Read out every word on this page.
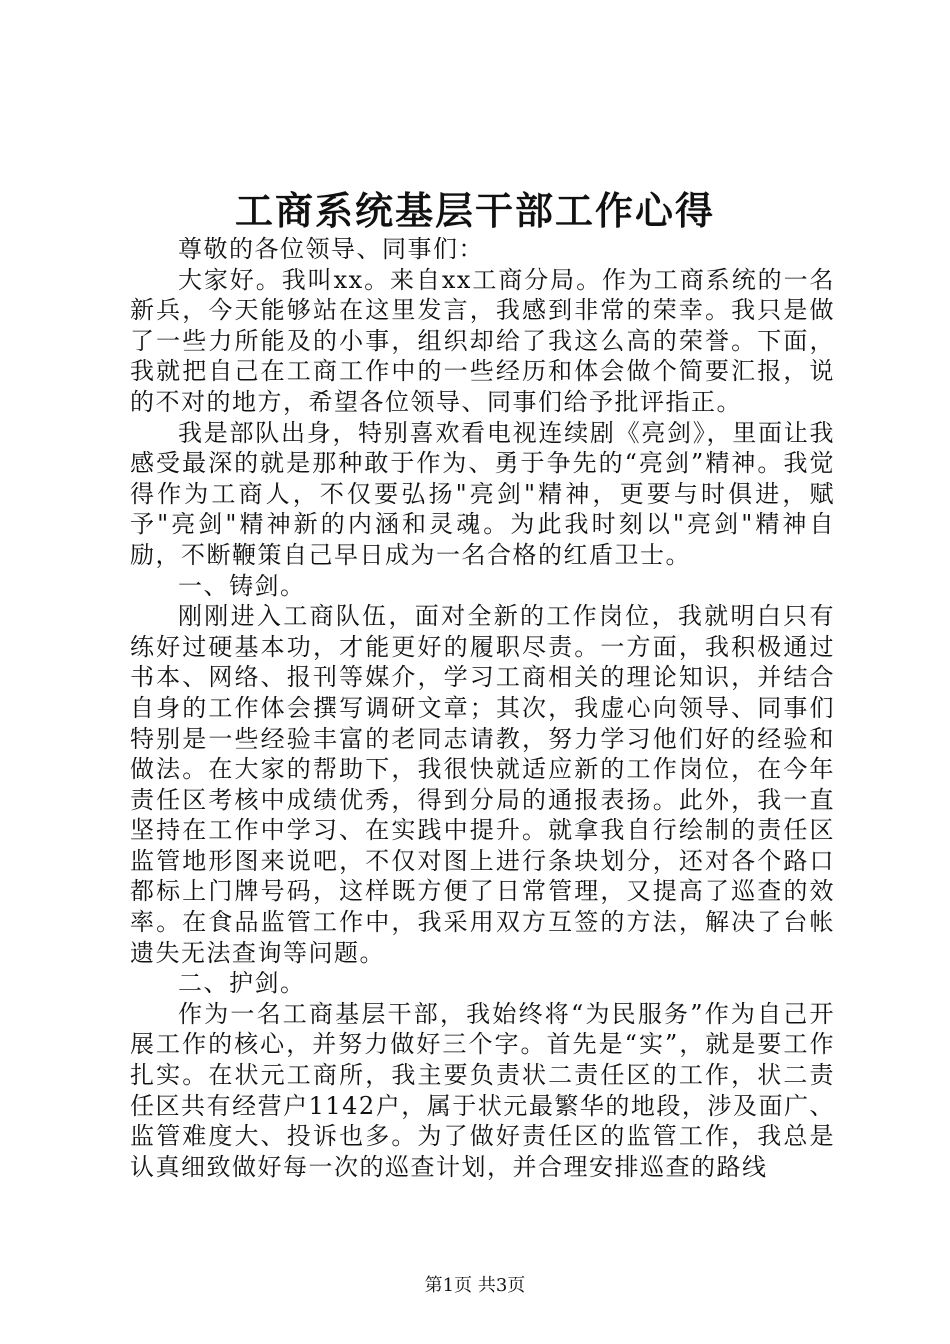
工商系统基层干部工作心得

尊敬的各位领导、同事们：

大家好。我叫xx。来自xx工商分局。作为工商系统的一名新兵，今天能够站在这里发言，我感到非常的荣幸。我只是做了一些力所能及的小事，组织却给了我这么高的荣誉。下面，我就把自己在工商工作中的一些经历和体会做个简要汇报，说的不对的地方，希望各位领导、同事们给予批评指正。

我是部队出身，特别喜欢看电视连续剧《亮剑》，里面让我感受最深的就是那种敢于作为、勇于争先的“亮剑”精神。我觉得作为工商人，不仅要弘扬"亮剑"精神，更要与时俱进，赋予"亮剑"精神新的内涵和灵魂。为此我时刻以"亮剑"精神自励，不断鞭策自己早日成为一名合格的红盾卫士。

一、铸剑。

刚刚进入工商队伍，面对全新的工作岗位，我就明白只有练好过硬基本功，才能更好的履职尽责。一方面，我积极通过书本、网络、报刊等媒介，学习工商相关的理论知识，并结合自身的工作体会撰写调研文章；其次，我虚心向领导、同事们特别是一些经验丰富的老同志请教，努力学习他们好的经验和做法。在大家的帮助下，我很快就适应新的工作岗位，在今年责任区考核中成绩优秀，得到分局的通报表扬。此外，我一直坚持在工作中学习、在实践中提升。就拿我自行绘制的责任区监管地形图来说吧，不仅对图上进行条块划分，还对各个路口都标上门牌号码，这样既方便了日常管理，又提高了巡查的效率。在食品监管工作中，我采用双方互签的方法，解决了台帐遗失无法查询等问题。

二、护剑。

作为一名工商基层干部，我始终将“为民服务”作为自己开展工作的核心，并努力做好三个字。首先是“实”，就是要工作扎实。在状元工商所，我主要负责状二责任区的工作，状二责任区共有经营户1142户，属于状元最繁华的地段，涉及面广、监管难度大、投诉也多。为了做好责任区的监管工作，我总是认真细致做好每一次的巡查计划，并合理安排巡查的路线

第1页 共3页
